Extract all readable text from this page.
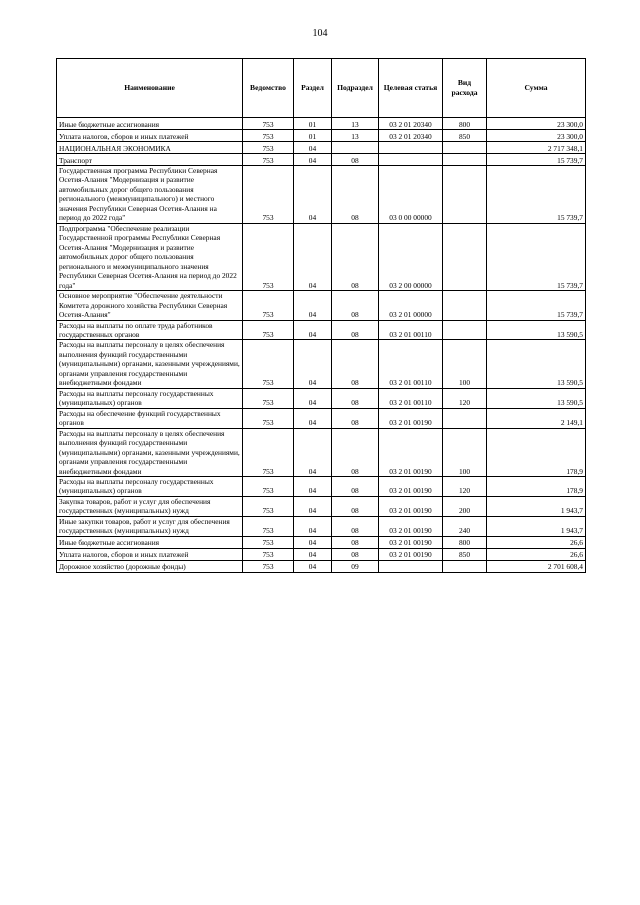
104
Наименование	Ведомство	Раздел	Подраздел	Целевая статья	Вид расхода	Сумма
Иные бюджетные ассигнования	753	01	13	03 2 01 20340	800	23 300,0
Уплата налогов, сборов и иных платежей	753	01	13	03 2 01 20340	850	23 300,0
НАЦИОНАЛЬНАЯ ЭКОНОМИКА	753	04				2 717 348,1
Транспорт	753	04	08			15 739,7
Государственная программа Республики Северная Осетия-Алания "Модернизация и развитие автомобильных дорог общего пользования регионального (межмуниципального) и местного значения Республики Северная Осетия-Алания на период до 2022 года"	753	04	08	03 0 00 00000		15 739,7
Подпрограмма "Обеспечение реализации Государственной программы Республики Северная Осетия-Алания "Модернизация и развитие автомобильных дорог общего пользования регионального и межмуниципального значения Республики Северная Осетия-Алания на период до 2022 года"	753	04	08	03 2 00 00000		15 739,7
Основное мероприятие "Обеспечение деятельности Комитета дорожного хозяйства Республики Северная Осетия-Алания"	753	04	08	03 2 01 00000		15 739,7
Расходы на выплаты по оплате труда работников государственных органов	753	04	08	03 2 01 00110		13 590,5
Расходы на выплаты персоналу в целях обеспечения выполнения функций государственными (муниципальными) органами, казенными учреждениями, органами управления государственными внебюджетными фондами	753	04	08	03 2 01 00110	100	13 590,5
Расходы на выплаты персоналу государственных (муниципальных) органов	753	04	08	03 2 01 00110	120	13 590,5
Расходы на обеспечение функций государственных органов	753	04	08	03 2 01 00190		2 149,1
Расходы на выплаты персоналу в целях обеспечения выполнения функций государственными (муниципальными) органами, казенными учреждениями, органами управления государственными внебюджетными фондами	753	04	08	03 2 01 00190	100	178,9
Расходы на выплаты персоналу государственных (муниципальных) органов	753	04	08	03 2 01 00190	120	178,9
Закупка товаров, работ и услуг для обеспечения государственных (муниципальных) нужд	753	04	08	03 2 01 00190	200	1 943,7
Иные закупки товаров, работ и услуг для обеспечения государственных (муниципальных) нужд	753	04	08	03 2 01 00190	240	1 943,7
Иные бюджетные ассигнования	753	04	08	03 2 01 00190	800	26,6
Уплата налогов, сборов и иных платежей	753	04	08	03 2 01 00190	850	26,6
Дорожное хозяйство (дорожные фонды)	753	04	09			2 701 608,4
